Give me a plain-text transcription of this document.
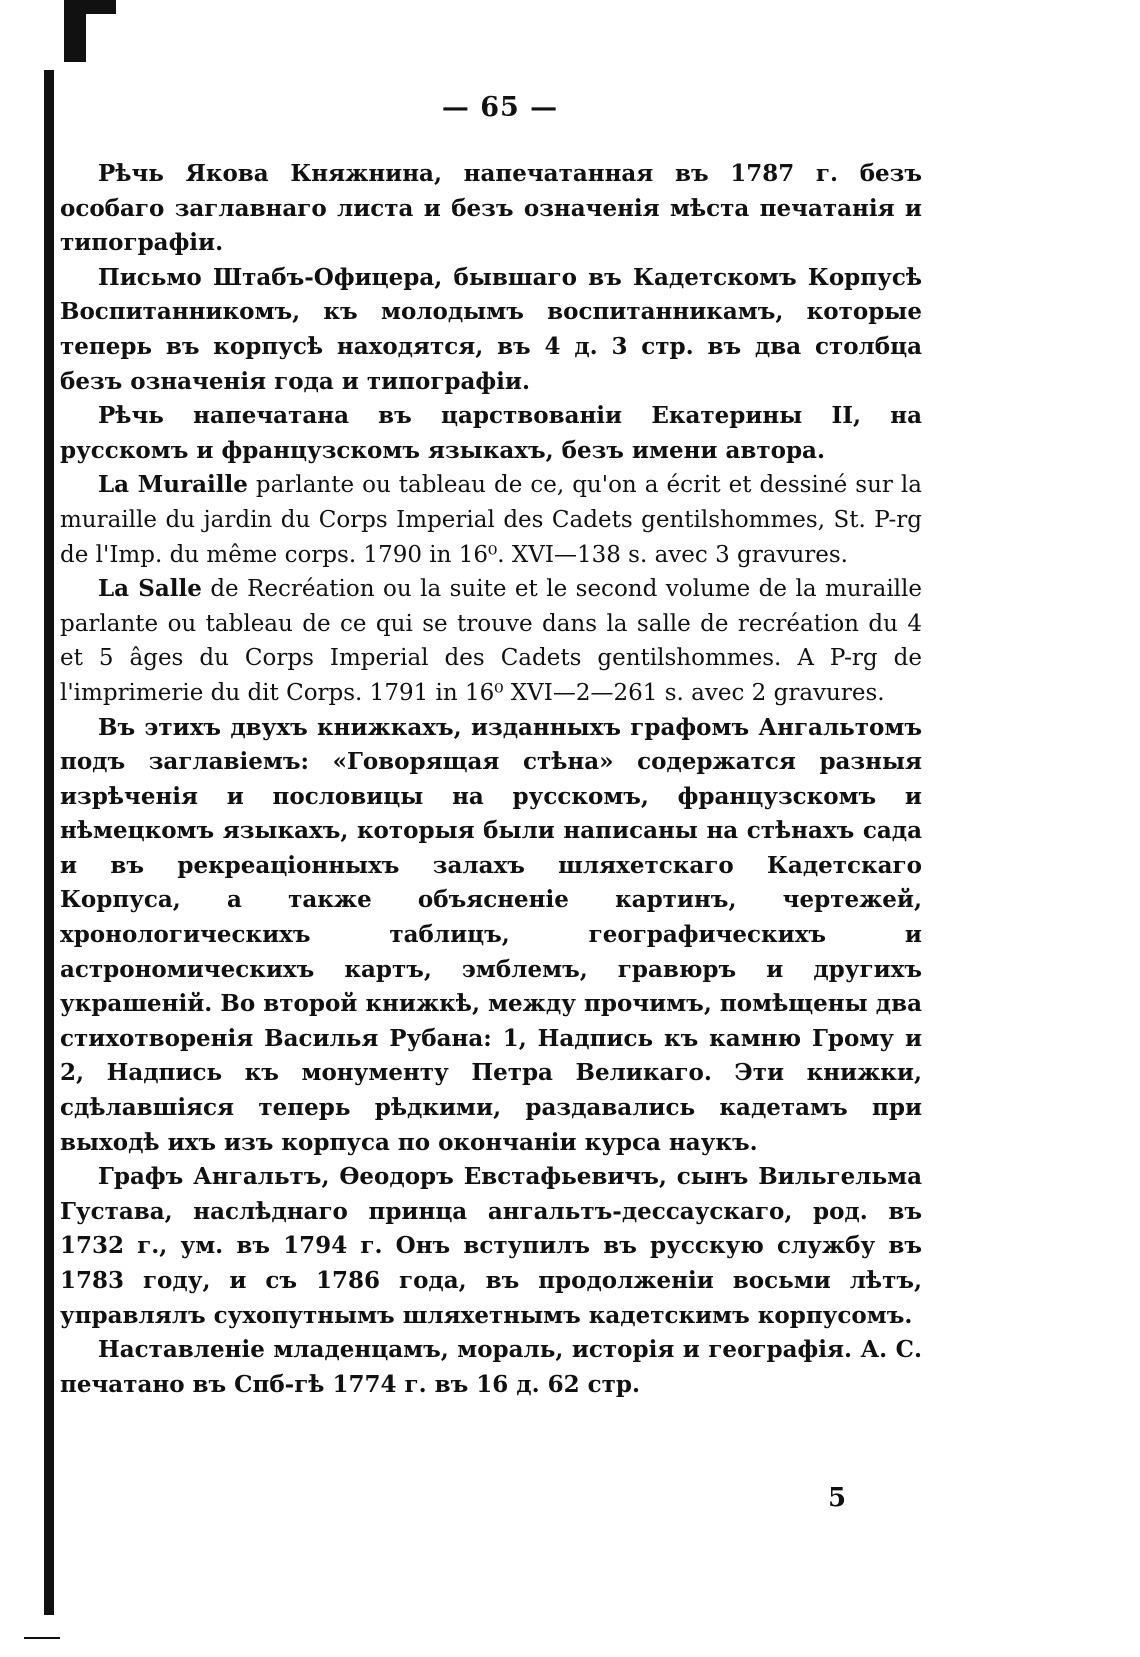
— 65 —

Рѣчь Якова Княжнина, напечатанная въ 1787 г. безъ особаго заглавнаго листа и безъ означенія мѣста печатанія и типографіи.

Письмо Штабъ-Офицера, бывшаго въ Кадетскомъ Корпусѣ Воспитанникомъ, къ молодымъ воспитанникамъ, которые теперь въ корпусѣ находятся, въ 4 д. 3 стр. въ два столбца безъ означенія года и типографіи.

Рѣчь напечатана въ царствованіи Екатерины II, на русскомъ и французскомъ языкахъ, безъ имени автора.

La Muraille parlante ou tableau de ce, qu'on a écrit et dessiné sur la muraille du jardin du Corps Imperial des Cadets gentilshommes, St. P-rg de l'Imp. du même corps. 1790 in 16⁰. XVI—138 s. avec 3 gravures.

La Salle de Recréation ou la suite et le second volume de la muraille parlante ou tableau de ce qui se trouve dans la salle de recréation du 4 et 5 âges du Corps Imperial des Cadets gentilshommes. A P-rg de l'imprimerie du dit Corps. 1791 in 16⁰ XVI—2—261 s. avec 2 gravures.

Въ этихъ двухъ книжкахъ, изданныхъ графомъ Ангальтомъ подъ заглавіемъ: «Говорящая стѣна» содержатся разныя изрѣченія и пословицы на русскомъ, французскомъ и нѣмецкомъ языкахъ, которыя были написаны на стѣнахъ сада и въ рекреаціонныхъ залахъ шляхетскаго Кадетскаго Корпуса, а также объясненіе картинъ, чертежей, хронологическихъ таблицъ, географическихъ и астрономическихъ картъ, эмблемъ, гравюръ и другихъ украшеній. Во второй книжкѣ, между прочимъ, помѣщены два стихотворенія Василья Рубана: 1, Надпись къ камню Грому и 2, Надпись къ монументу Петра Великаго. Эти книжки, сдѣлавшіяся теперь рѣдкими, раздавались кадетамъ при выходѣ ихъ изъ корпуса по окончаніи курса наукъ.

Графъ Ангальтъ, Ѳеодоръ Евстафьевичъ, сынъ Вильгельма Густава, наслѣднаго принца ангальтъ-дессаускаго, род. въ 1732 г., ум. въ 1794 г. Онъ вступилъ въ русскую службу въ 1783 году, и съ 1786 года, въ продолженіи восьми лѣтъ, управлялъ сухопутнымъ шляхетнымъ кадетскимъ корпусомъ.

Наставленіе младенцамъ, мораль, исторія и географія. А. С. печатано въ Спб-гѣ 1774 г. въ 16 д. 62 стр.

5
